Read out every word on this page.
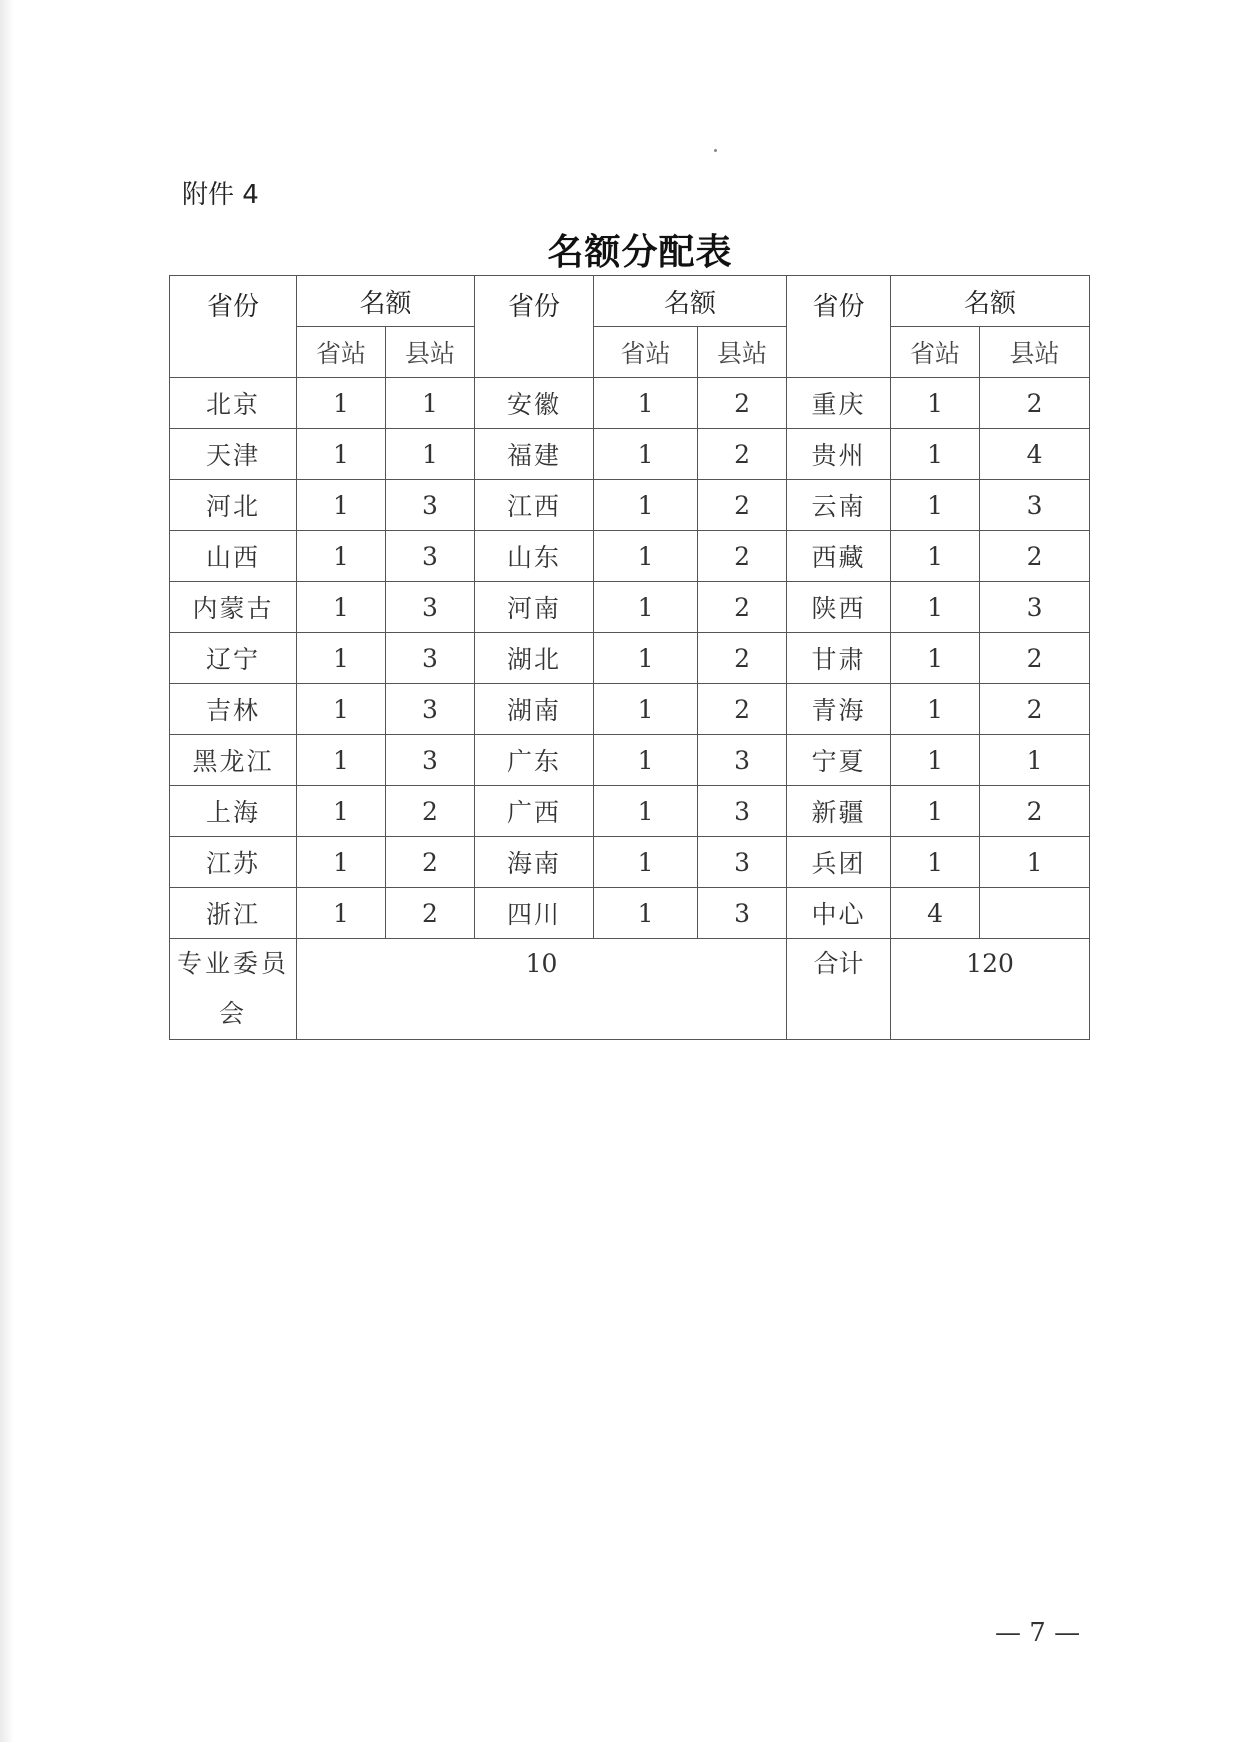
附件 4
名额分配表
省份	名额		省份	名额		省份	名额	
	省站	县站		省站	县站		省站	县站
北京	1	1	安徽	1	2	重庆	1	2
天津	1	1	福建	1	2	贵州	1	4
河北	1	3	江西	1	2	云南	1	3
山西	1	3	山东	1	2	西藏	1	2
内蒙古	1	3	河南	1	2	陕西	1	3
辽宁	1	3	湖北	1	2	甘肃	1	2
吉林	1	3	湖南	1	2	青海	1	2
黑龙江	1	3	广东	1	3	宁夏	1	1
上海	1	2	广西	1	3	新疆	1	2
江苏	1	2	海南	1	3	兵团	1	1
浙江	1	2	四川	1	3	中心	4	
专业委员会	10					合计	120	
— 7 —
